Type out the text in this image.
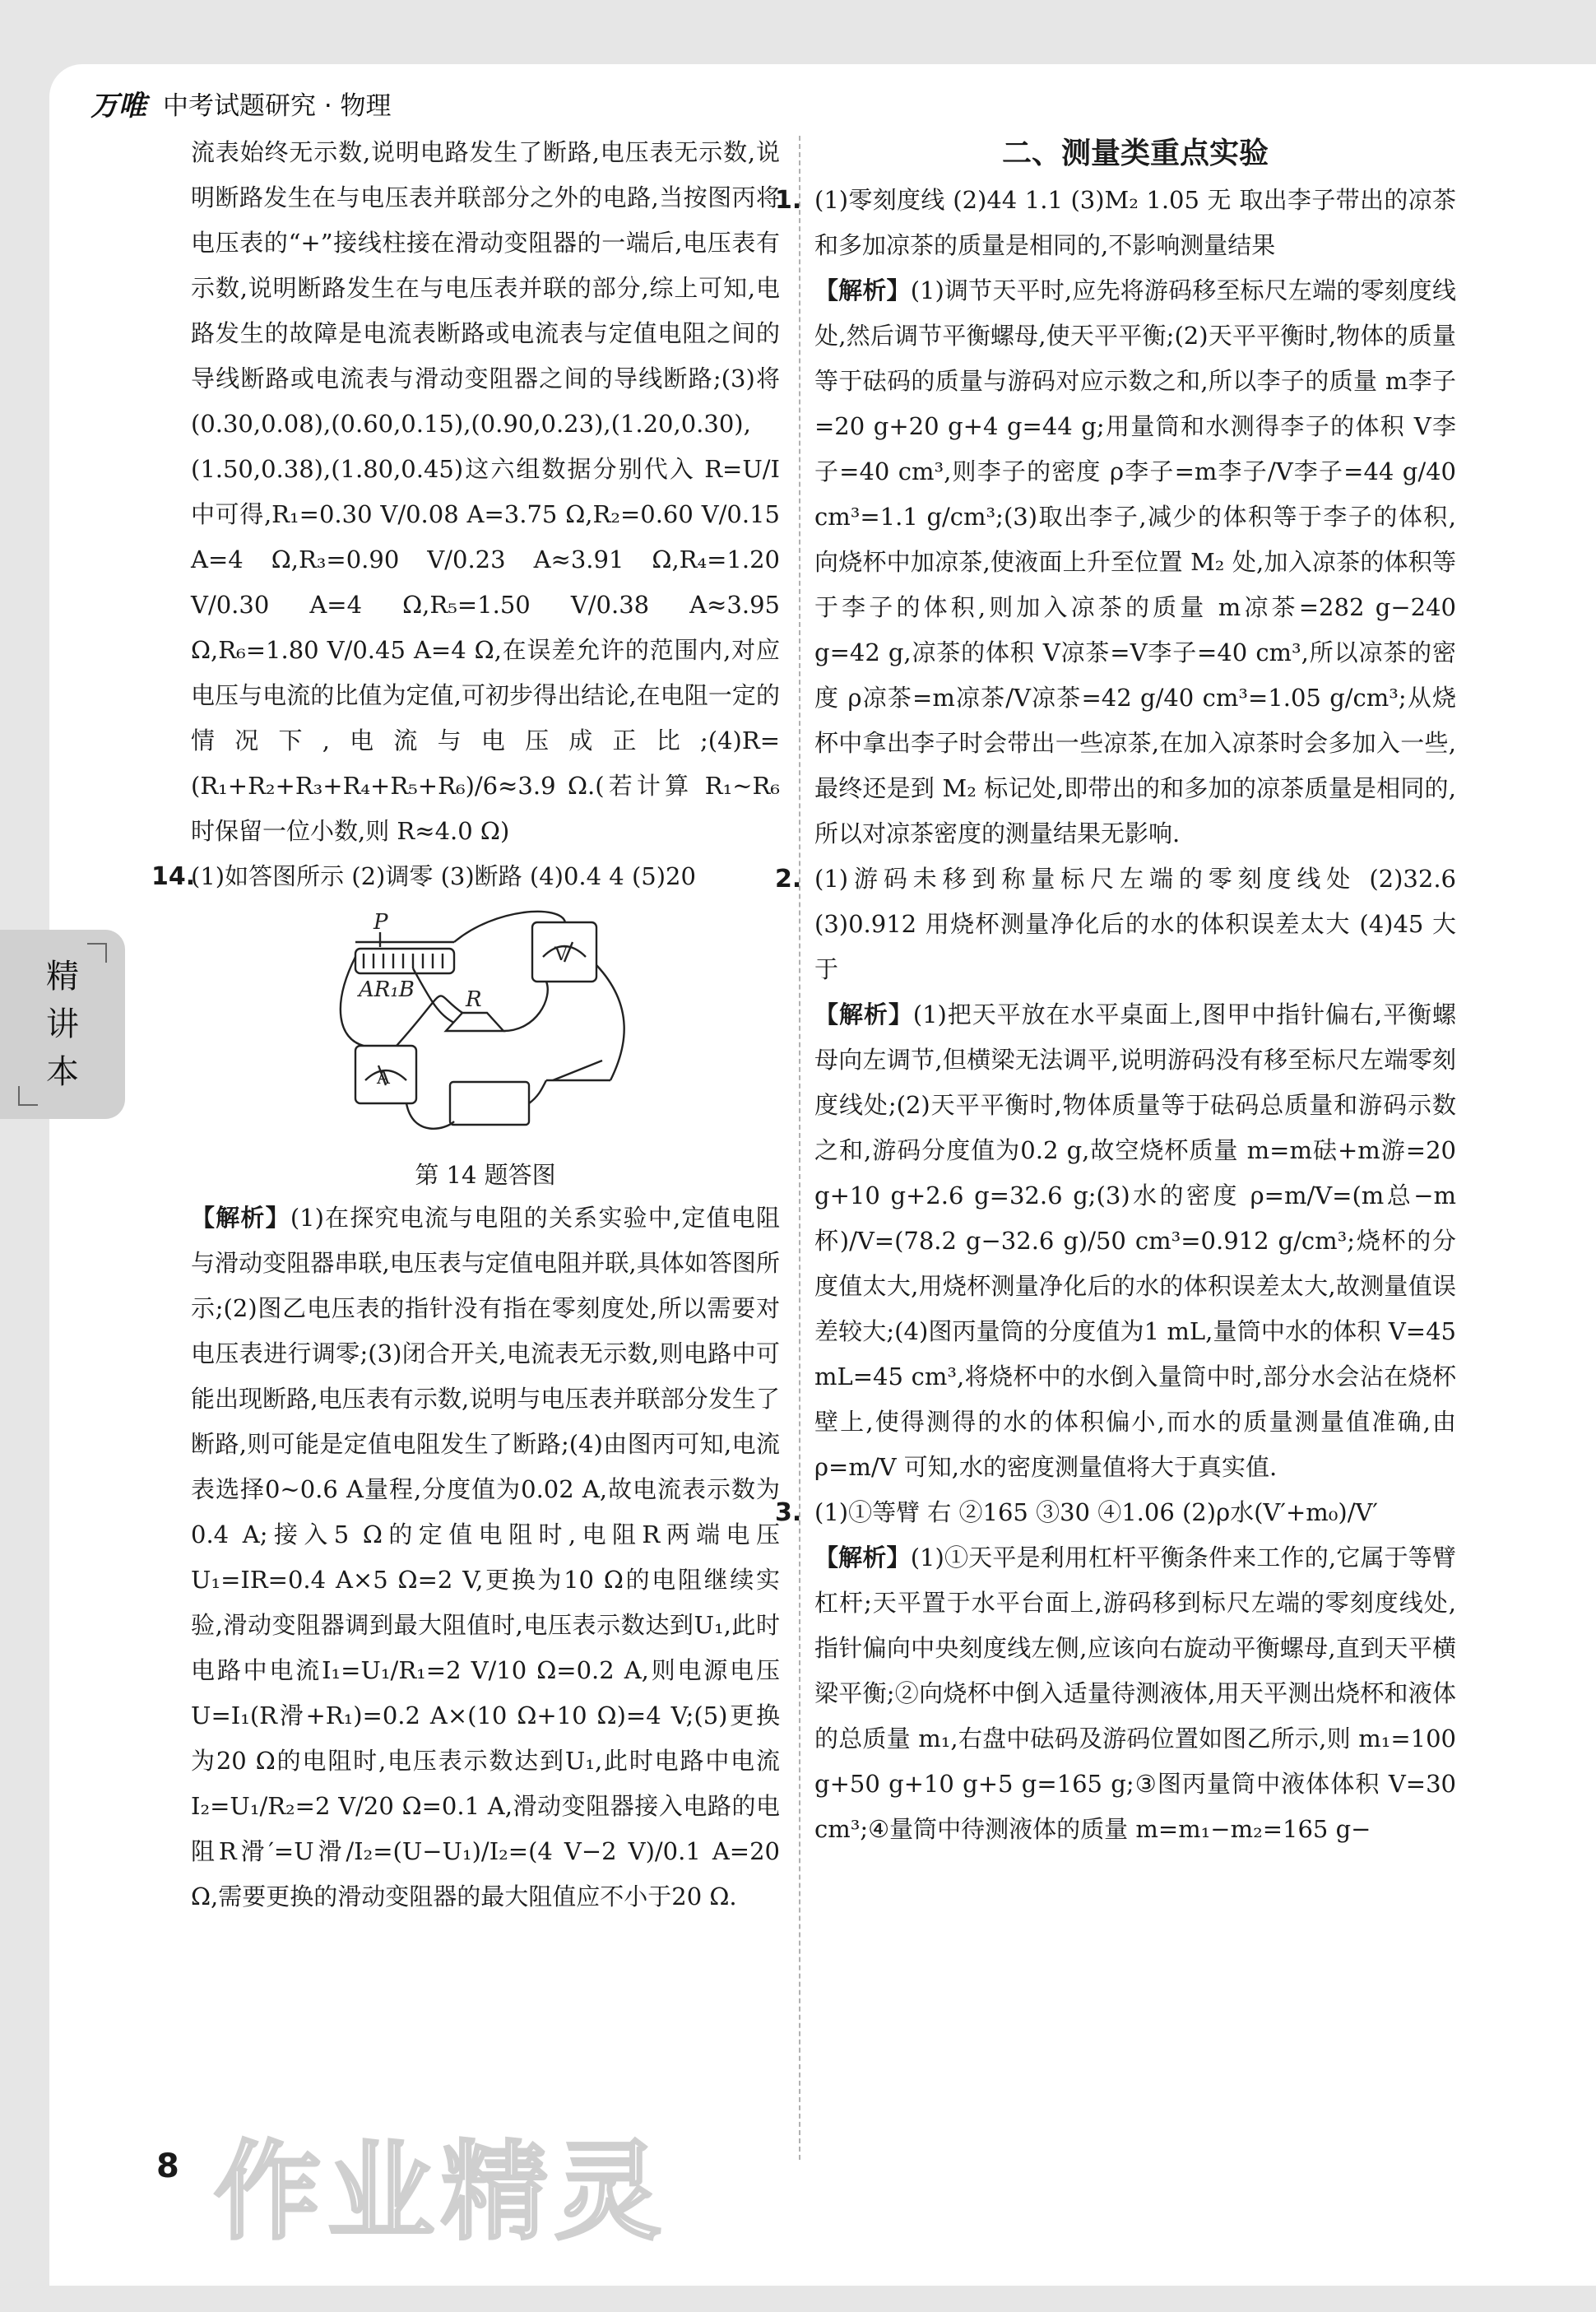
万唯 中考试题研究 · 物理
精
讲
本

流表始终无示数,说明电路发生了断路,电压表无示数,说明断路发生在与电压表并联部分之外的电路,当按图丙将电压表的“+”接线柱接在滑动变阻器的一端后,电压表有示数,说明断路发生在与电压表并联的部分,综上可知,电路发生的故障是电流表断路或电流表与定值电阻之间的导线断路或电流表与滑动变阻器之间的导线断路;(3)将(0.30,0.08),(0.60,0.15),(0.90,0.23),(1.20,0.30),(1.50,0.38),(1.80,0.45)这六组数据分别代入 R=U/I 中可得,R₁=0.30 V/0.08 A=3.75 Ω,R₂=0.60 V/0.15 A=4 Ω,R₃=0.90 V/0.23 A≈3.91 Ω,R₄=1.20 V/0.30 A=4 Ω,R₅=1.50 V/0.38 A≈3.95 Ω,R₆=1.80 V/0.45 A=4 Ω,在误差允许的范围内,对应电压与电流的比值为定值,可初步得出结论,在电阻一定的情况下,电流与电压成正比;(4)R=(R₁+R₂+R₃+R₄+R₅+R₆)/6≈3.9 Ω.(若计算 R₁~R₆ 时保留一位小数,则 R≈4.0 Ω)

14.(1)如答图所示 (2)调零 (3)断路 (4)0.4 4 (5)20

V
A
P
AR₁B R

第 14 题答图

【解析】(1)在探究电流与电阻的关系实验中,定值电阻与滑动变阻器串联,电压表与定值电阻并联,具体如答图所示;(2)图乙电压表的指针没有指在零刻度处,所以需要对电压表进行调零;(3)闭合开关,电流表无示数,则电路中可能出现断路,电压表有示数,说明与电压表并联部分发生了断路,则可能是定值电阻发生了断路;(4)由图丙可知,电流表选择0~0.6 A量程,分度值为0.02 A,故电流表示数为0.4 A;接入5 Ω的定值电阻时,电阻R两端电压U₁=IR=0.4 A×5 Ω=2 V,更换为10 Ω的电阻继续实验,滑动变阻器调到最大阻值时,电压表示数达到U₁,此时电路中电流I₁=U₁/R₁=2 V/10 Ω=0.2 A,则电源电压U=I₁(R滑+R₁)=0.2 A×(10 Ω+10 Ω)=4 V;(5)更换为20 Ω的电阻时,电压表示数达到U₁,此时电路中电流I₂=U₁/R₂=2 V/20 Ω=0.1 A,滑动变阻器接入电路的电阻R滑′=U滑/I₂=(U−U₁)/I₂=(4 V−2 V)/0.1 A=20 Ω,需要更换的滑动变阻器的最大阻值应不小于20 Ω.

二、测量类重点实验

1. (1)零刻度线 (2)44 1.1 (3)M₂ 1.05 无 取出李子带出的凉茶和多加凉茶的质量是相同的,不影响测量结果

【解析】(1)调节天平时,应先将游码移至标尺左端的零刻度线处,然后调节平衡螺母,使天平平衡;(2)天平平衡时,物体的质量等于砝码的质量与游码对应示数之和,所以李子的质量 m李子=20 g+20 g+4 g=44 g;用量筒和水测得李子的体积 V李子=40 cm³,则李子的密度 ρ李子=m李子/V李子=44 g/40 cm³=1.1 g/cm³;(3)取出李子,减少的体积等于李子的体积,向烧杯中加凉茶,使液面上升至位置 M₂ 处,加入凉茶的体积等于李子的体积,则加入凉茶的质量 m凉茶=282 g−240 g=42 g,凉茶的体积 V凉茶=V李子=40 cm³,所以凉茶的密度 ρ凉茶=m凉茶/V凉茶=42 g/40 cm³=1.05 g/cm³;从烧杯中拿出李子时会带出一些凉茶,在加入凉茶时会多加入一些,最终还是到 M₂ 标记处,即带出的和多加的凉茶质量是相同的,所以对凉茶密度的测量结果无影响.

2. (1)游码未移到称量标尺左端的零刻度线处 (2)32.6 (3)0.912 用烧杯测量净化后的水的体积误差太大 (4)45 大于

【解析】(1)把天平放在水平桌面上,图甲中指针偏右,平衡螺母向左调节,但横梁无法调平,说明游码没有移至标尺左端零刻度线处;(2)天平平衡时,物体质量等于砝码总质量和游码示数之和,游码分度值为0.2 g,故空烧杯质量 m=m砝+m游=20 g+10 g+2.6 g=32.6 g;(3)水的密度 ρ=m/V=(m总−m杯)/V=(78.2 g−32.6 g)/50 cm³=0.912 g/cm³;烧杯的分度值太大,用烧杯测量净化后的水的体积误差太大,故测量值误差较大;(4)图丙量筒的分度值为1 mL,量筒中水的体积 V=45 mL=45 cm³,将烧杯中的水倒入量筒中时,部分水会沾在烧杯壁上,使得测得的水的体积偏小,而水的质量测量值准确,由 ρ=m/V 可知,水的密度测量值将大于真实值.

3. (1)①等臂 右 ②165 ③30 ④1.06 (2)ρ水(V′+m₀)/V′

【解析】(1)①天平是利用杠杆平衡条件来工作的,它属于等臂杠杆;天平置于水平台面上,游码移到标尺左端的零刻度线处,指针偏向中央刻度线左侧,应该向右旋动平衡螺母,直到天平横梁平衡;②向烧杯中倒入适量待测液体,用天平测出烧杯和液体的总质量 m₁,右盘中砝码及游码位置如图乙所示,则 m₁=100 g+50 g+10 g+5 g=165 g;③图丙量筒中液体体积 V=30 cm³;④量筒中待测液体的质量 m=m₁−m₂=165 g−

8 作业精灵
